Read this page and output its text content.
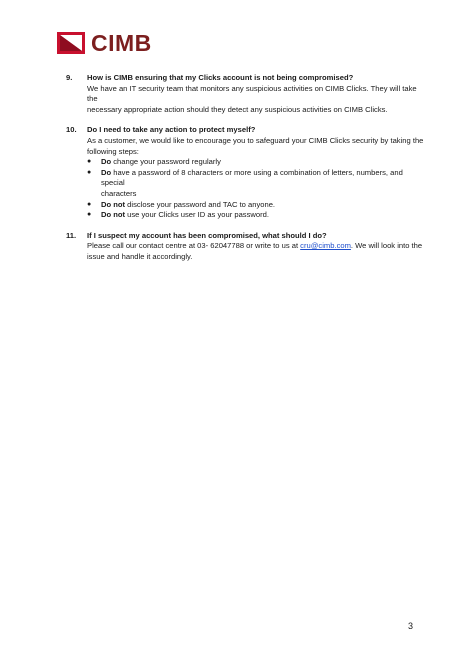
CIMB
9.	How is CIMB ensuring that my Clicks account is not being compromised?
We have an IT security team that monitors any suspicious activities on CIMB Clicks. They will take the
necessary appropriate action should they detect any suspicious activities on CIMB Clicks.
10.	Do I need to take any action to protect myself?
As a customer, we would like to encourage you to safeguard your CIMB Clicks security by taking the
following steps:
●	Do change your password regularly
●	Do have a password of 8 characters or more using a combination of letters, numbers, and special
characters
●	Do not disclose your password and TAC to anyone.
●	Do not use your Clicks user ID as your password.
11.	If I suspect my account has been compromised, what should I do?
Please call our contact centre at 03- 62047788 or write to us at cru@cimb.com. We will look into the
issue and handle it accordingly.
3
